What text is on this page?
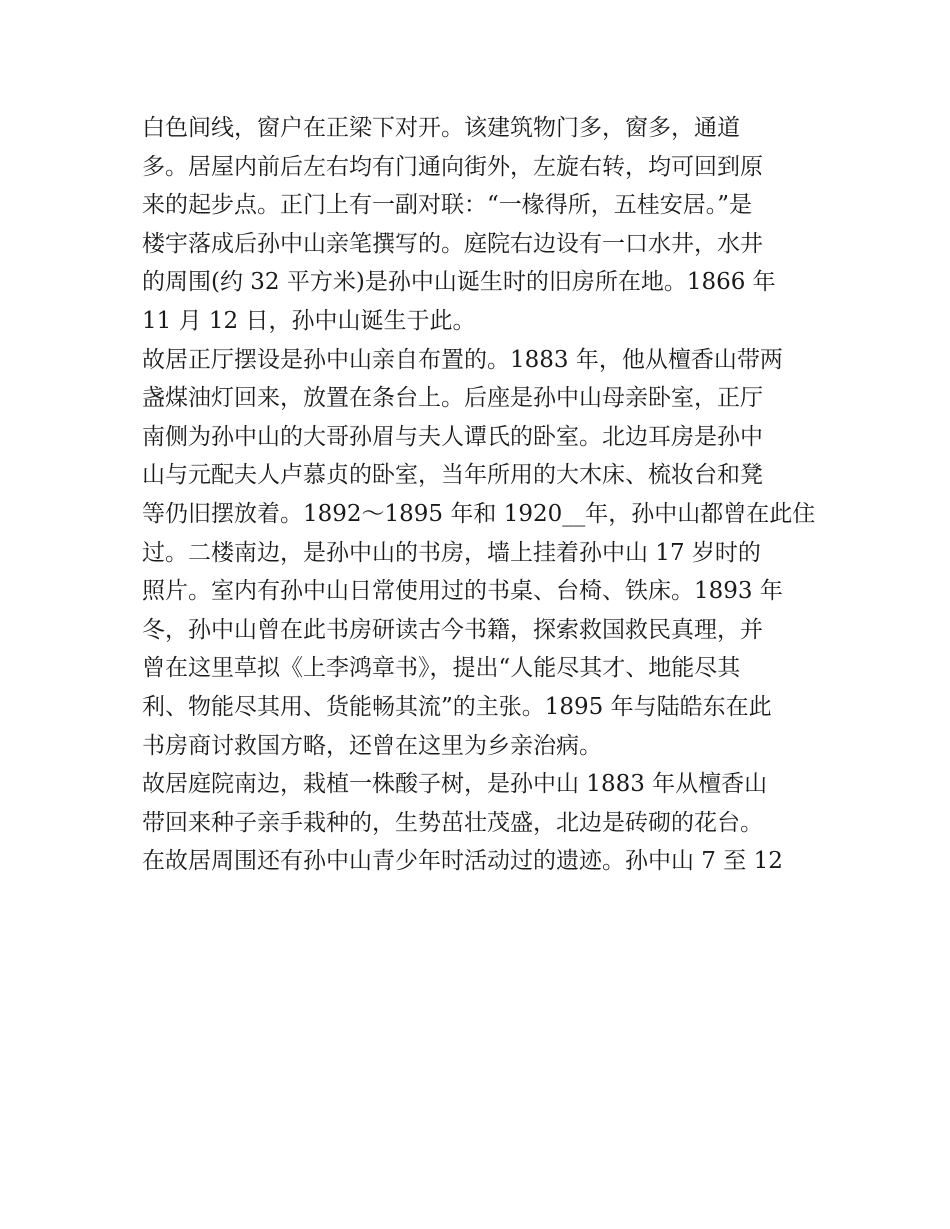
白色间线，窗户在正梁下对开。该建筑物门多，窗多，通道
多。居屋内前后左右均有门通向街外，左旋右转，均可回到原
来的起步点。正门上有一副对联：“一椽得所，五桂安居。”是
楼宇落成后孙中山亲笔撰写的。庭院右边设有一口水井，水井
的周围(约 32 平方米)是孙中山诞生时的旧房所在地。1866 年
11 月 12 日，孙中山诞生于此。
故居正厅摆设是孙中山亲自布置的。1883 年，他从檀香山带两
盏煤油灯回来，放置在条台上。后座是孙中山母亲卧室，正厅
南侧为孙中山的大哥孙眉与夫人谭氏的卧室。北边耳房是孙中
山与元配夫人卢慕贞的卧室，当年所用的大木床、梳妆台和凳
等仍旧摆放着。1892～1895 年和 1920__年，孙中山都曾在此住
过。二楼南边，是孙中山的书房，墙上挂着孙中山 17 岁时的
照片。室内有孙中山日常使用过的书桌、台椅、铁床。1893 年
冬，孙中山曾在此书房研读古今书籍，探索救国救民真理，并
曾在这里草拟《上李鸿章书》，提出“人能尽其才、地能尽其
利、物能尽其用、货能畅其流”的主张。1895 年与陆皓东在此
书房商讨救国方略，还曾在这里为乡亲治病。
故居庭院南边，栽植一株酸子树，是孙中山 1883 年从檀香山
带回来种子亲手栽种的，生势茁壮茂盛，北边是砖砌的花台。
在故居周围还有孙中山青少年时活动过的遗迹。孙中山 7 至 12
